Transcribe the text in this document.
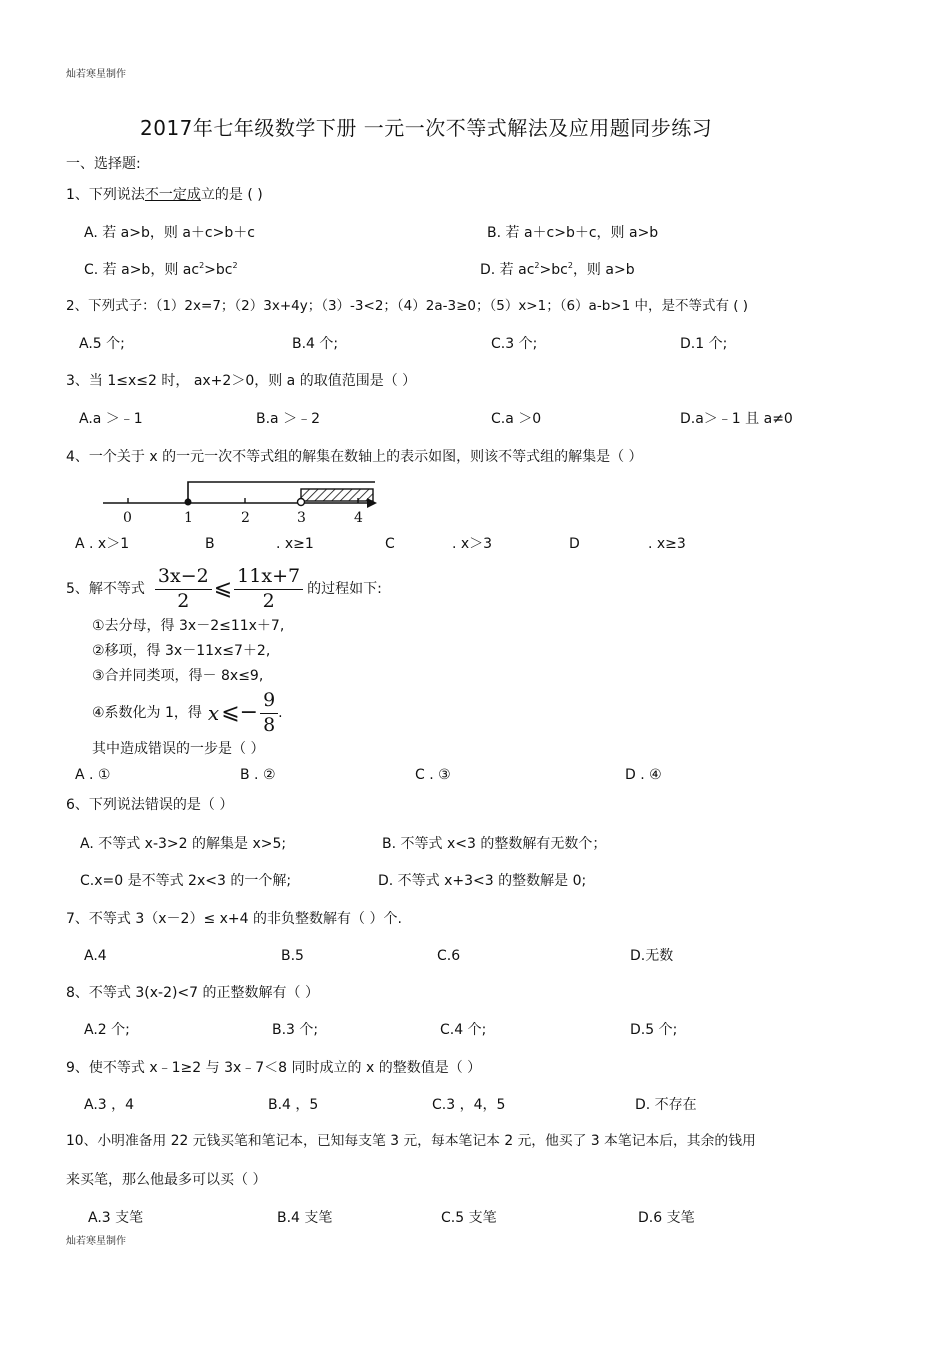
灿若寒星制作
2017年七年级数学下册 一元一次不等式解法及应用题同步练习
一、选择题:
1、下列说法不一定成立的是 ( )
A. 若 a>b，则 a＋c>b＋c	B. 若 a＋c>b＋c，则 a>b
C. 若 a>b，则 $ac^2>bc^2$	D. 若 $ac^2>bc^2$，则 a>b
2、下列式子：（1）2x=7；（2）3x+4y；（3）-3<2；（4）2a-3≥0；（5）x>1；（6）a-b>1 中，是不等式有 ( )
A.5 个;	B.4 个;	C.3 个;	D.1 个;
3、当 1≤x≤2 时， ax+2＞0，则 a 的取值范围是（ ）
A.a ＞﹣1	B.a ＞﹣2	C.a ＞0	D.a＞﹣1 且 a≠0
4、一个关于 x 的一元一次不等式组的解集在数轴上的表示如图，则该不等式组的解集是（ ）
0	1	2	3	4
A . x＞1	B	. x≥1	C	. x＞3	D	. x≥3
5、解不等式 $\frac{3x-2}{2}$ ⩽ $\frac{11x+7}{2}$ 的过程如下:
①去分母，得 3x－2≤11x＋7,
②移项，得 3x－11x≤7＋2,
③合并同类项，得－ 8x≤9,
④系数化为 1，得 x ⩽− $\frac{9}{8}$ .
其中造成错误的一步是（ ）
A . ①	B . ②	C . ③	D . ④
6、下列说法错误的是（ ）
A. 不等式 x-3>2 的解集是 x>5;	B. 不等式 x<3 的整数解有无数个；
C.x=0 是不等式 2x<3 的一个解;	D. 不等式 x+3<3 的整数解是 0;
7、不等式 3（x－2）≤ x+4 的非负整数解有（ ）个.
A.4	B.5	C.6	D.无数
8、不等式 3(x-2)<7 的正整数解有（ ）
A.2 个;	B.3 个;	C.4 个;	D.5 个;
9、使不等式 x﹣1≥2 与 3x﹣7＜8 同时成立的 x 的整数值是（ ）
A.3 ，4	B.4 ，5	C.3 ，4，5	D. 不存在
10、小明准备用 22 元钱买笔和笔记本，已知每支笔 3 元，每本笔记本 2 元，他买了 3 本笔记本后，其余的钱用
来买笔，那么他最多可以买（ ）
A.3 支笔	B.4 支笔	C.5 支笔	D.6 支笔
灿若寒星制作
